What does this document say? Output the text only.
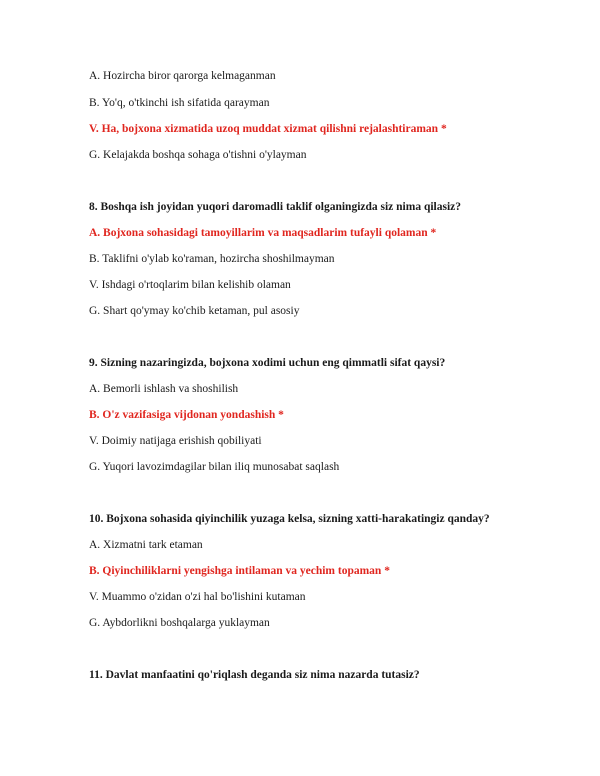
A. Hozircha biror qarorga kelmaganman
B. Yo'q, o'tkinchi ish sifatida qarayman
V. Ha, bojxona xizmatida uzoq muddat xizmat qilishni rejalashtiraman *
G. Kelajakda boshqa sohaga o'tishni o'ylayman
8. Boshqa ish joyidan yuqori daromadli taklif olganingizda siz nima qilasiz?
A. Bojxona sohasidagi tamoyillarim va maqsadlarim tufayli qolaman *
B. Taklifni o'ylab ko'raman, hozircha shoshilmayman
V. Ishdagi o'rtoqlarim bilan kelishib olaman
G. Shart qo'ymay ko'chib ketaman, pul asosiy
9. Sizning nazaringizda, bojxona xodimi uchun eng qimmatli sifat qaysi?
A. Bemorli ishlash va shoshilish
B. O'z vazifasiga vijdonan yondashish *
V. Doimiy natijaga erishish qobiliyati
G. Yuqori lavozimdagilar bilan iliq munosabat saqlash
10. Bojxona sohasida qiyinchilik yuzaga kelsa, sizning xatti-harakatingiz qanday?
A. Xizmatni tark etaman
B. Qiyinchiliklarni yengishga intilaman va yechim topaman *
V. Muammo o'zidan o'zi hal bo'lishini kutaman
G. Aybdorlikni boshqalarga yuklayman
11. Davlat manfaatini qo'riqlash deganda siz nima nazarda tutasiz?
